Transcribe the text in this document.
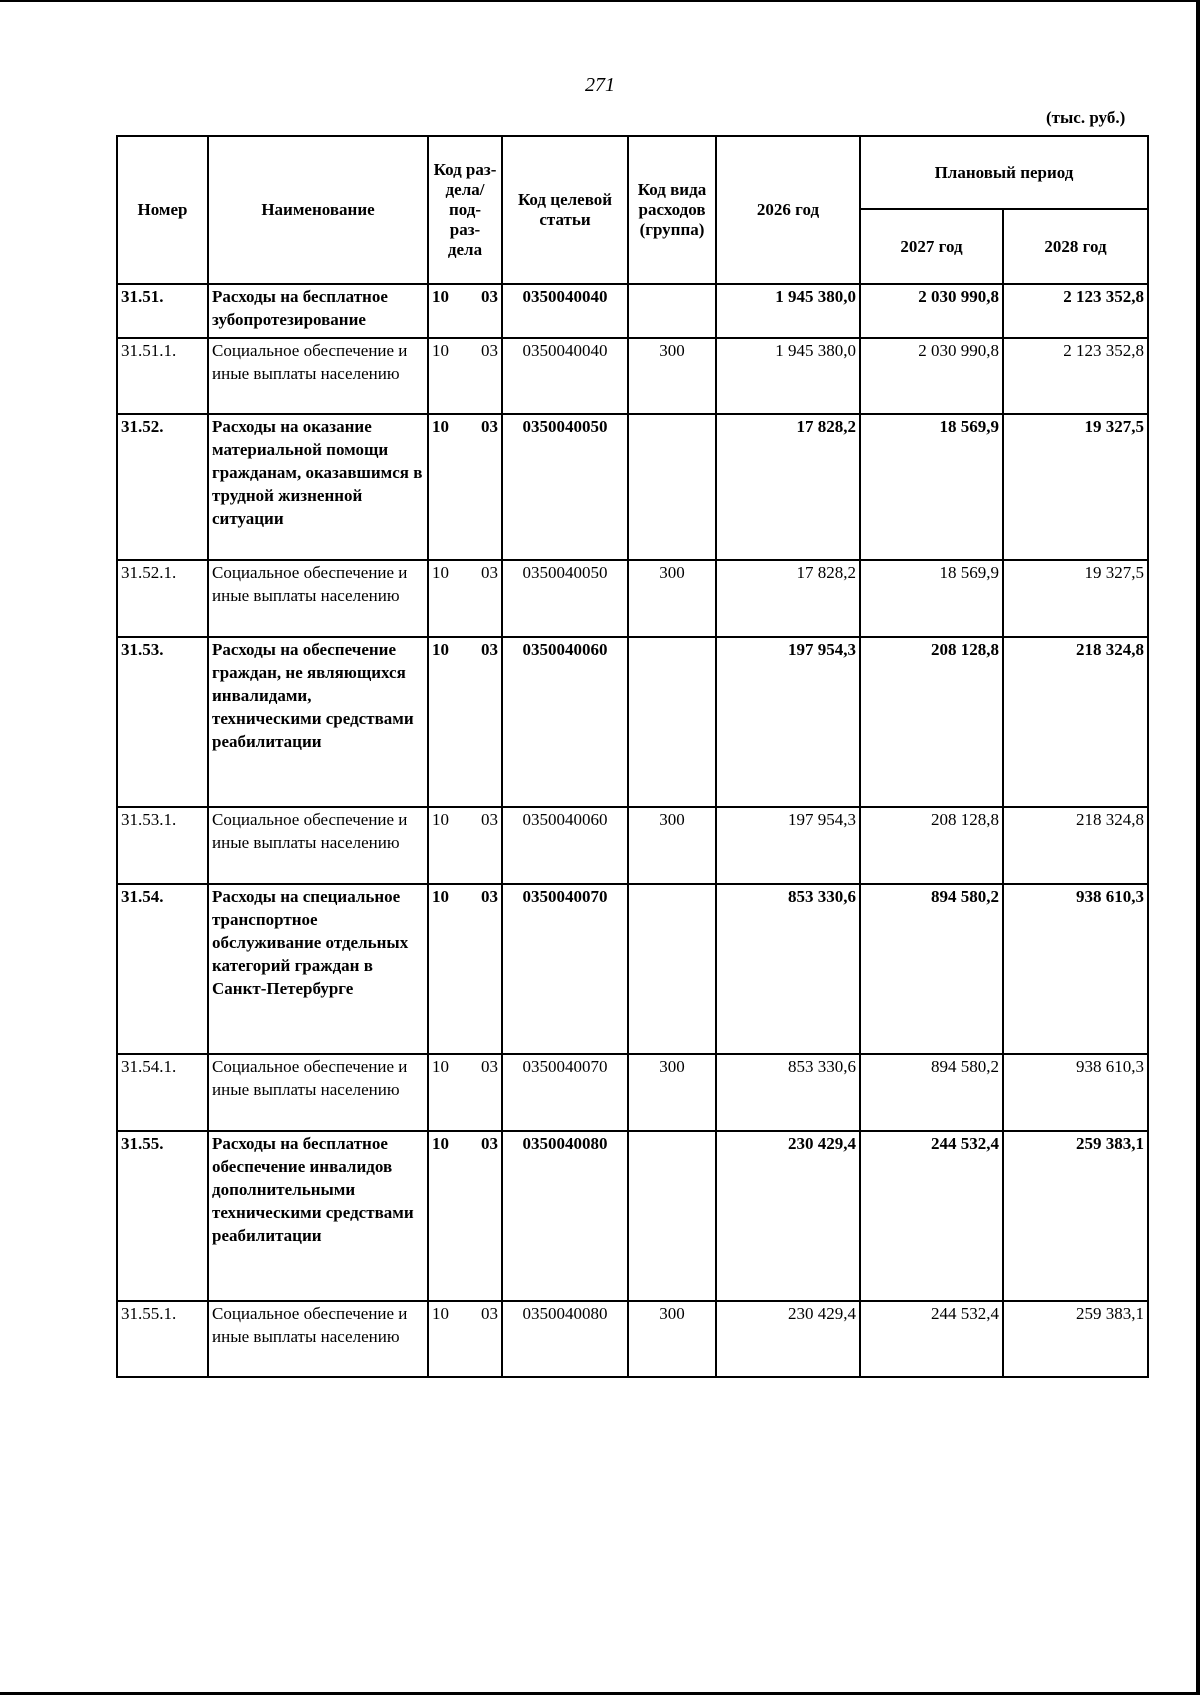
271
(тыс. руб.)
Номер	Наименование	Код раз- дела/ под- раз- дела	Код целевой статьи	Код вида расходов (группа)	2026 год	Плановый период	
						2027 год	2028 год
31.51.	Расходы на бесплатное зубопротезирование	10 03	0350040040		1 945 380,0	2 030 990,8	2 123 352,8
31.51.1.	Социальное обеспечение и иные выплаты населению	10 03	0350040040	300	1 945 380,0	2 030 990,8	2 123 352,8
31.52.	Расходы на оказание материальной помощи гражданам, оказавшимся в трудной жизненной ситуации	10 03	0350040050		17 828,2	18 569,9	19 327,5
31.52.1.	Социальное обеспечение и иные выплаты населению	10 03	0350040050	300	17 828,2	18 569,9	19 327,5
31.53.	Расходы на обеспечение граждан, не являющихся инвалидами, техническими средствами реабилитации	10 03	0350040060		197 954,3	208 128,8	218 324,8
31.53.1.	Социальное обеспечение и иные выплаты населению	10 03	0350040060	300	197 954,3	208 128,8	218 324,8
31.54.	Расходы на специальное транспортное обслуживание отдельных категорий граждан в Санкт-Петербурге	10 03	0350040070		853 330,6	894 580,2	938 610,3
31.54.1.	Социальное обеспечение и иные выплаты населению	10 03	0350040070	300	853 330,6	894 580,2	938 610,3
31.55.	Расходы на бесплатное обеспечение инвалидов дополнительными техническими средствами реабилитации	10 03	0350040080		230 429,4	244 532,4	259 383,1
31.55.1.	Социальное обеспечение и иные выплаты населению	10 03	0350040080	300	230 429,4	244 532,4	259 383,1
